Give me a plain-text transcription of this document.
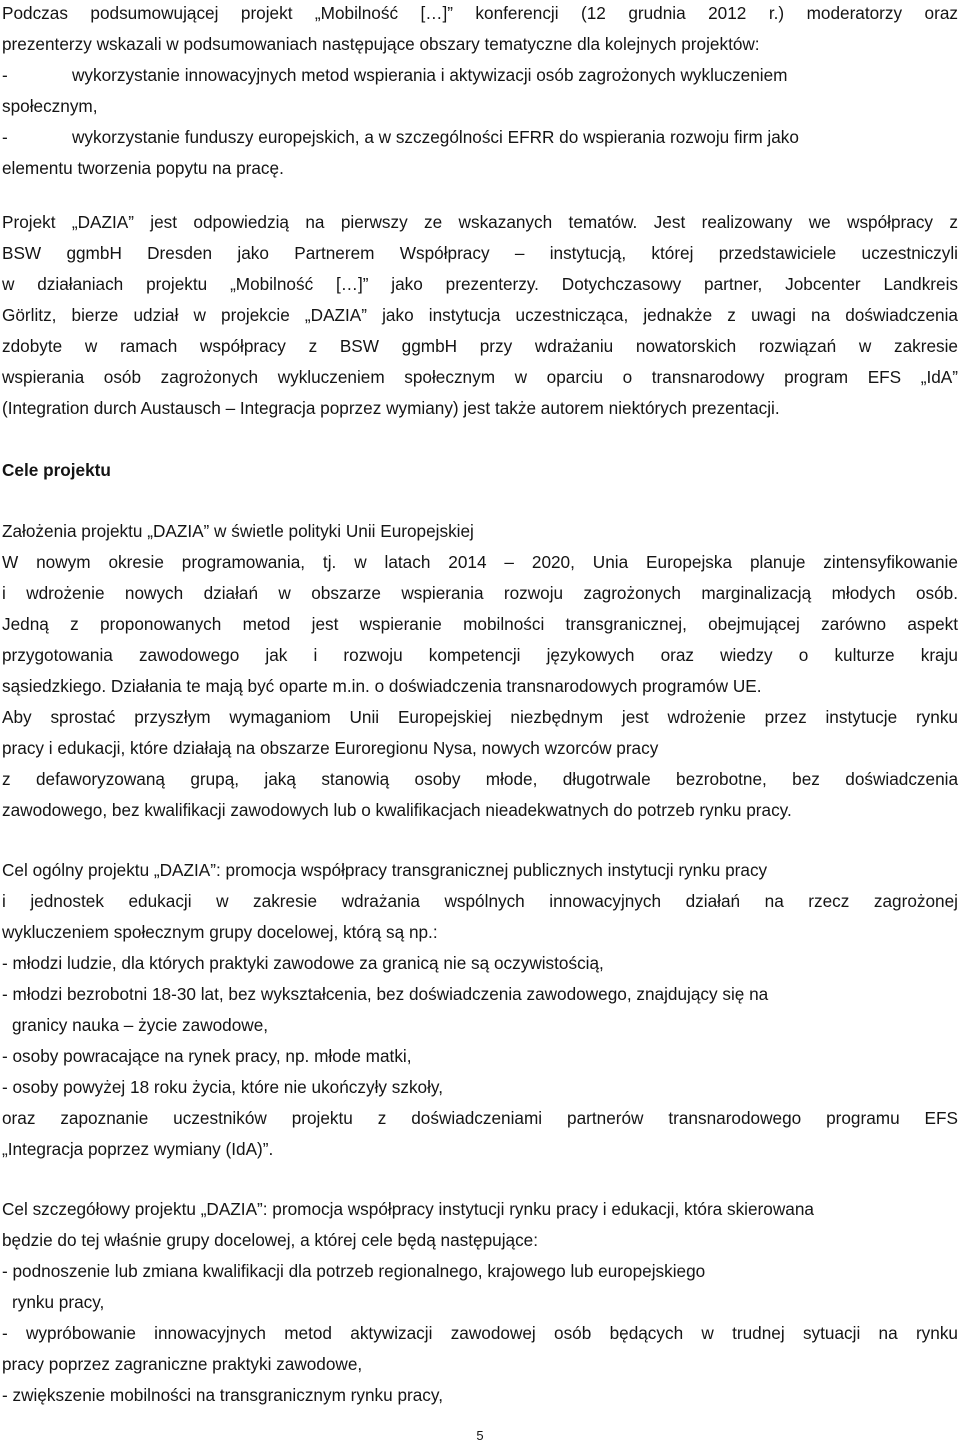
Podczas podsumowującej projekt „Mobilność […]” konferencji (12 grudnia 2012 r.) moderatorzy oraz
prezenterzy wskazali w podsumowaniach następujące obszary tematyczne dla kolejnych projektów:
-	wykorzystanie innowacyjnych metod wspierania i aktywizacji osób zagrożonych wykluczeniem
społecznym,
-	wykorzystanie funduszy europejskich, a w szczególności EFRR do wspierania rozwoju firm jako
elementu tworzenia popytu na pracę.
Projekt „DAZIA” jest odpowiedzią na pierwszy ze wskazanych tematów. Jest realizowany we współpracy z
BSW ggmbH Dresden jako Partnerem Współpracy – instytucją, której przedstawiciele uczestniczyli
w działaniach projektu „Mobilność […]” jako prezenterzy. Dotychczasowy partner, Jobcenter Landkreis
Görlitz, bierze udział w projekcie „DAZIA” jako instytucja uczestnicząca, jednakże z uwagi na doświadczenia
zdobyte w ramach współpracy z BSW ggmbH przy wdrażaniu nowatorskich rozwiązań w zakresie
wspierania osób zagrożonych wykluczeniem społecznym w oparciu o transnarodowy program EFS „IdA”
(Integration durch Austausch – Integracja poprzez wymiany) jest także autorem niektórych prezentacji.
Cele projektu
Założenia projektu „DAZIA” w świetle polityki Unii Europejskiej
W nowym okresie programowania, tj. w latach 2014 – 2020, Unia Europejska planuje zintensyfikowanie
i wdrożenie nowych działań w obszarze wspierania rozwoju zagrożonych marginalizacją młodych osób.
Jedną z proponowanych metod jest wspieranie mobilności transgranicznej, obejmującej zarówno aspekt
przygotowania zawodowego jak i rozwoju kompetencji językowych oraz wiedzy o kulturze kraju
sąsiedzkiego. Działania te mają być oparte m.in. o doświadczenia transnarodowych programów UE.
Aby sprostać przyszłym wymaganiom Unii Europejskiej niezbędnym jest wdrożenie przez instytucje rynku
pracy i edukacji, które działają na obszarze Euroregionu Nysa, nowych wzorców pracy
z defaworyzowaną grupą, jaką stanowią osoby młode, długotrwale bezrobotne, bez doświadczenia
zawodowego, bez kwalifikacji zawodowych lub o kwalifikacjach nieadekwatnych do potrzeb rynku pracy.
Cel ogólny projektu „DAZIA”: promocja współpracy transgranicznej publicznych instytucji rynku pracy
i jednostek edukacji w zakresie wdrażania wspólnych innowacyjnych działań na rzecz zagrożonej
wykluczeniem społecznym grupy docelowej, którą są np.:
- młodzi ludzie, dla których praktyki zawodowe za granicą nie są oczywistością,
- młodzi bezrobotni 18-30 lat, bez wykształcenia, bez doświadczenia zawodowego, znajdujący się na
granicy nauka – życie zawodowe,
- osoby powracające na rynek pracy, np. młode matki,
- osoby powyżej 18 roku życia, które nie ukończyły szkoły,
oraz zapoznanie uczestników projektu z doświadczeniami partnerów transnarodowego programu EFS
„Integracja poprzez wymiany (IdA)”.
Cel szczegółowy projektu „DAZIA”: promocja współpracy instytucji rynku pracy i edukacji, która skierowana
będzie do tej właśnie grupy docelowej, a której cele będą następujące:
- podnoszenie lub zmiana kwalifikacji dla potrzeb regionalnego, krajowego lub europejskiego
rynku pracy,
- wypróbowanie innowacyjnych metod aktywizacji zawodowej osób będących w trudnej sytuacji na rynku
pracy poprzez zagraniczne praktyki zawodowe,
- zwiększenie mobilności na transgranicznym rynku pracy,
5
